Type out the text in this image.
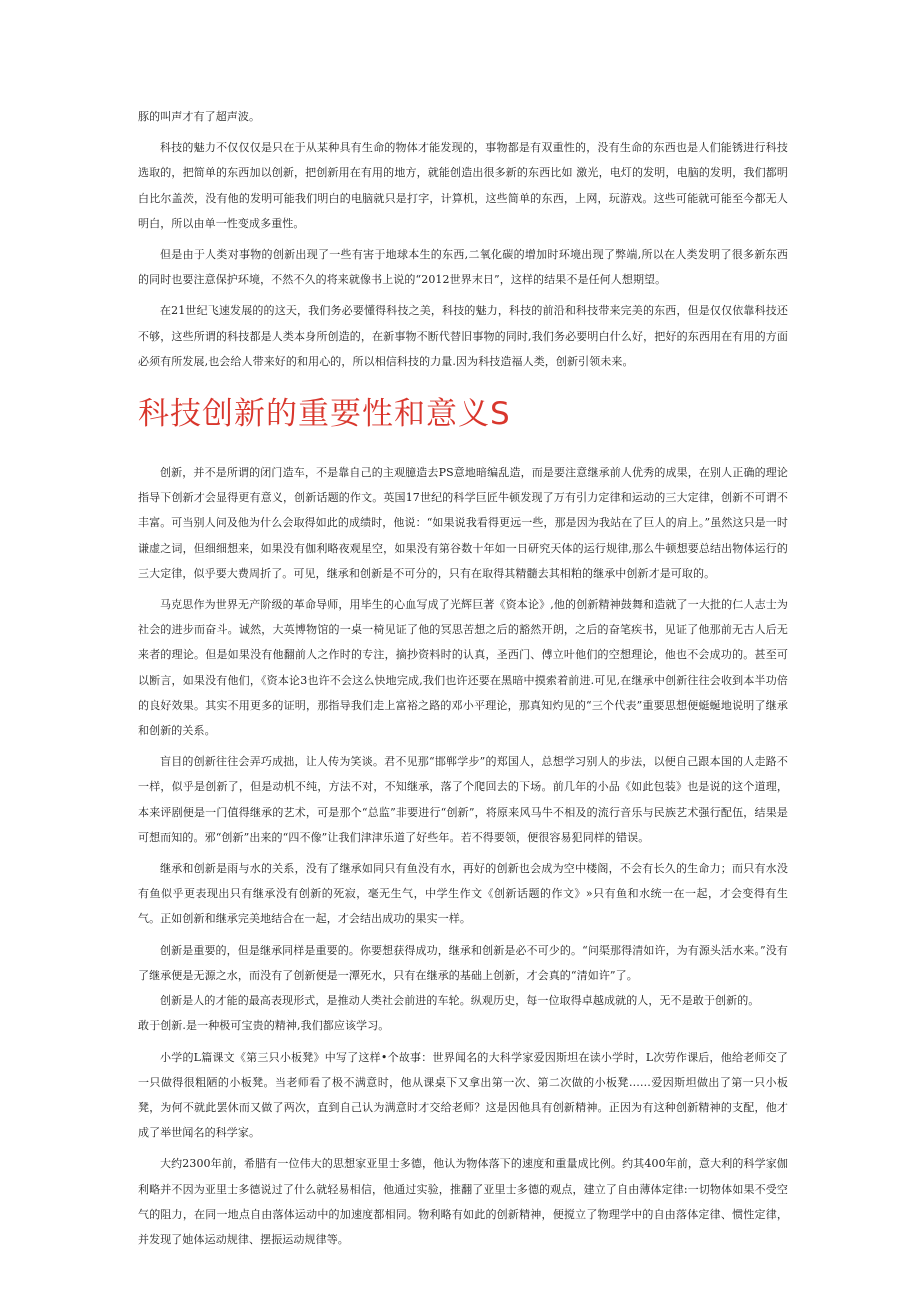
豚的叫声才有了超声波。

科技的魅力不仅仅仅是只在于从某种具有生命的物体才能发现的，事物都是有双重性的，没有生命的东西也是人们能锈进行科技选取的，把简单的东西加以创新，把创新用在有用的地方，就能创造出很多新的东西比如 激光，电灯的发明，电脑的发明，我们都明白比尔盖茨，没有他的发明可能我们明白的电脑就只是打字，计算机，这些简单的东西，上网，玩游戏。这些可能就可能至今都无人明白，所以由单一性变成多重性。

但是由于人类对事物的创新出现了一些有害于地球本生的东西,二氧化碳的增加时环境出现了弊端,所以在人类发明了很多新东西的同时也要注意保护环境，不然不久的将来就像书上说的“2012世界末日”，这样的结果不是任何人想期望。

在21世纪飞速发展的的这天，我们务必要懂得科技之美，科技的魅力，科技的前沿和科技带来完美的东西，但是仅仅依靠科技还不够，这些所谓的科技都是人类本身所创造的，在新事物不断代替旧事物的同时,我们务必要明白什么好，把好的东西用在有用的方面必须有所发展,也会给人带来好的和用心的，所以相信科技的力量.因为科技造福人类，创新引领未来。

科技创新的重要性和意义S

创新，并不是所谓的闭门造车，不是靠自己的主观臆造去PS意地暗编乱造，而是要注意继承前人优秀的成果，在别人正确的理论指导下创新才会显得更有意义，创新话题的作文。英国17世纪的科学巨匠牛顿发现了万有引力定律和运动的三大定律，创新不可谓不丰富。可当别人问及他为什么会取得如此的成绩时，他说：“如果说我看得更远一些，那是因为我站在了巨人的肩上。”虽然这只是一时谦虚之词，但细细想来，如果没有伽利略夜观星空，如果没有第谷数十年如一日研究天体的运行规律,那么牛顿想要总结出物体运行的三大定律，似乎要大费周折了。可见，继承和创新是不可分的，只有在取得其精髓去其相粕的继承中创新才是可取的。

马克思作为世界无产阶级的革命导师，用毕生的心血写成了光辉巨著《资本论》,他的创新精神鼓舞和造就了一大批的仁人志士为社会的进步而奋斗。诚然，大英博物馆的一桌一椅见证了他的冥思苦想之后的豁然开朗，之后的奋笔疾书，见证了他那前无古人后无来者的理论。但是如果没有他翻前人之作时的专注，摘抄资料时的认真，圣西门、傅立叶他们的空想理论，他也不会成功的。甚至可以断言，如果没有他们，《资本论3也许不会这么快地完成,我们也许还要在黑暗中摸索着前进.可见,在继承中创新往往会收到本半功倍的良好效果。其实不用更多的证明，那指导我们走上富裕之路的邓小平理论，那真知灼见的“三个代表”重要思想便蜓蜒地说明了继承和创新的关系。

盲目的创新往往会弄巧成拙，让人传为笑谈。君不见那“邯郸学步”的郑国人，总想学习别人的步法，以便自己跟本国的人走路不一样，似乎是创新了，但是动机不纯，方法不对，不知继承，落了个爬回去的下场。前几年的小品《如此包装》也是说的这个道理，本来评剧便是一门值得继承的艺术，可是那个“总监”非要进行“创新”，将原来风马牛不相及的流行音乐与民族艺术强行配伍，结果是可想而知的。邪“创新”出来的“四不像”让我们津津乐道了好些年。若不得要领，便很容易犯同样的错误。

继承和创新是雨与水的关系，没有了继承如同只有鱼没有水，再好的创新也会成为空中楼阁，不会有长久的生命力；而只有水没有鱼似乎更表现出只有继承没有创新的死寂，毫无生气，中学生作文《创新话题的作文》»只有鱼和水统一在一起，才会变得有生气。正如创新和继承完美地结合在一起，才会结出成功的果实一样。

创新是重要的，但是继承同样是重要的。你要想获得成功，继承和创新是必不可少的。“问渠那得清如许，为有源头活水来。”没有了继承便是无源之水，而没有了创新便是一潭死水，只有在继承的基础上创新，才会真的“清如许”了。

创新是人的才能的最高表现形式，是推动人类社会前进的车轮。纵观历史，每一位取得卓越成就的人，无不是敢于创新的。

敢于创新.是一种极可宝贵的精神,我们都应该学习。

小学的L篇课文《第三只小板凳》中写了这样•个故事：世界闻名的大科学家爱因斯坦在读小学时，L次劳作课后，他给老师交了一只做得很粗陋的小板凳。当老师看了极不满意时，他从课桌下又拿出第一次、第二次做的小板凳……爱因斯坦做出了第一只小板凳，为何不就此罢休而又做了两次，直到自己认为满意时才交给老师？这是因他具有创新精神。正因为有这种创新精神的支配，他才成了举世闻名的科学家。

大约2300年前，希腊有一位伟大的思想家亚里士多德，他认为物体落下的速度和重量成比例。约其400年前，意大利的科学家伽利略并不因为亚里士多德说过了什么就轻易相信，他通过实验，推翻了亚里士多德的观点，建立了自由薄体定律:一切物体如果不受空气的阻力，在同一地点自由落体运动中的加速度都相同。物利略有如此的创新精神，便搅立了物理学中的自由落体定律、惯性定律，并发现了她体运动规律、摆振运动规律等。
